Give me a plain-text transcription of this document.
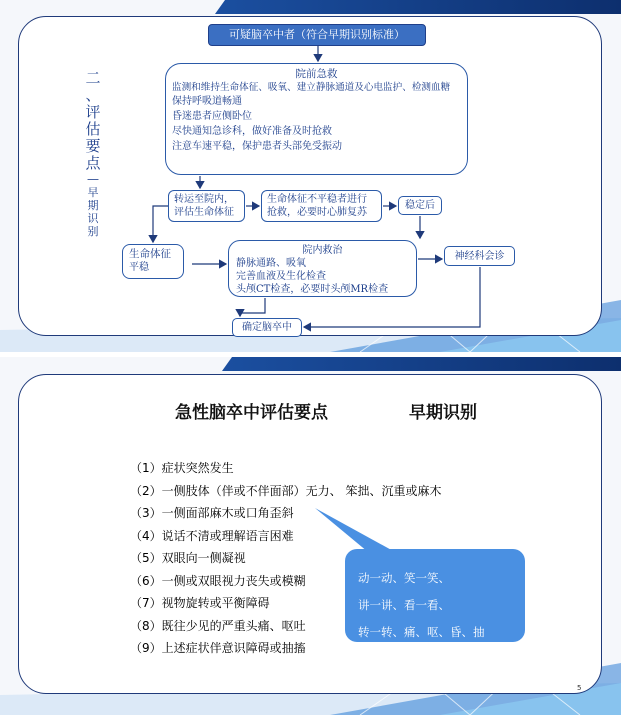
可疑脑卒中者（符合早期识别标准）
二
、
评
估
要
点
—
早
期
识
别
院前急救
监测和维持生命体征、吸氧、建立静脉通道及心电监护、检测血糖
保持呼吸道畅通
昏迷患者应侧卧位
尽快通知急诊科，做好准备及时抢救
注意车速平稳，保护患者头部免受振动
转运至院内，
评估生命体征
生命体征不平稳者进行
抢救，必要时心肺复苏
稳定后
生命体征
平稳
院内救治
静脉通路、吸氧
完善血液及生化检查
头颅CT检查，必要时头颅MR检查
神经科会诊
确定脑卒中
急性脑卒中评估要点	早期识别
（1）症状突然发生
（2）一侧肢体（伴或不伴面部）无力、 笨拙、沉重或麻木
（3）一侧面部麻木或口角歪斜
（4）说话不清或理解语言困难
（5）双眼向一侧凝视
（6）一侧或双眼视力丧失或模糊
（7）视物旋转或平衡障碍
（8）既往少见的严重头痛、呕吐
（9）上述症状伴意识障碍或抽搐
动一动、笑一笑、
讲一讲、看一看、
转一转、痛、呕、昏、抽
5
